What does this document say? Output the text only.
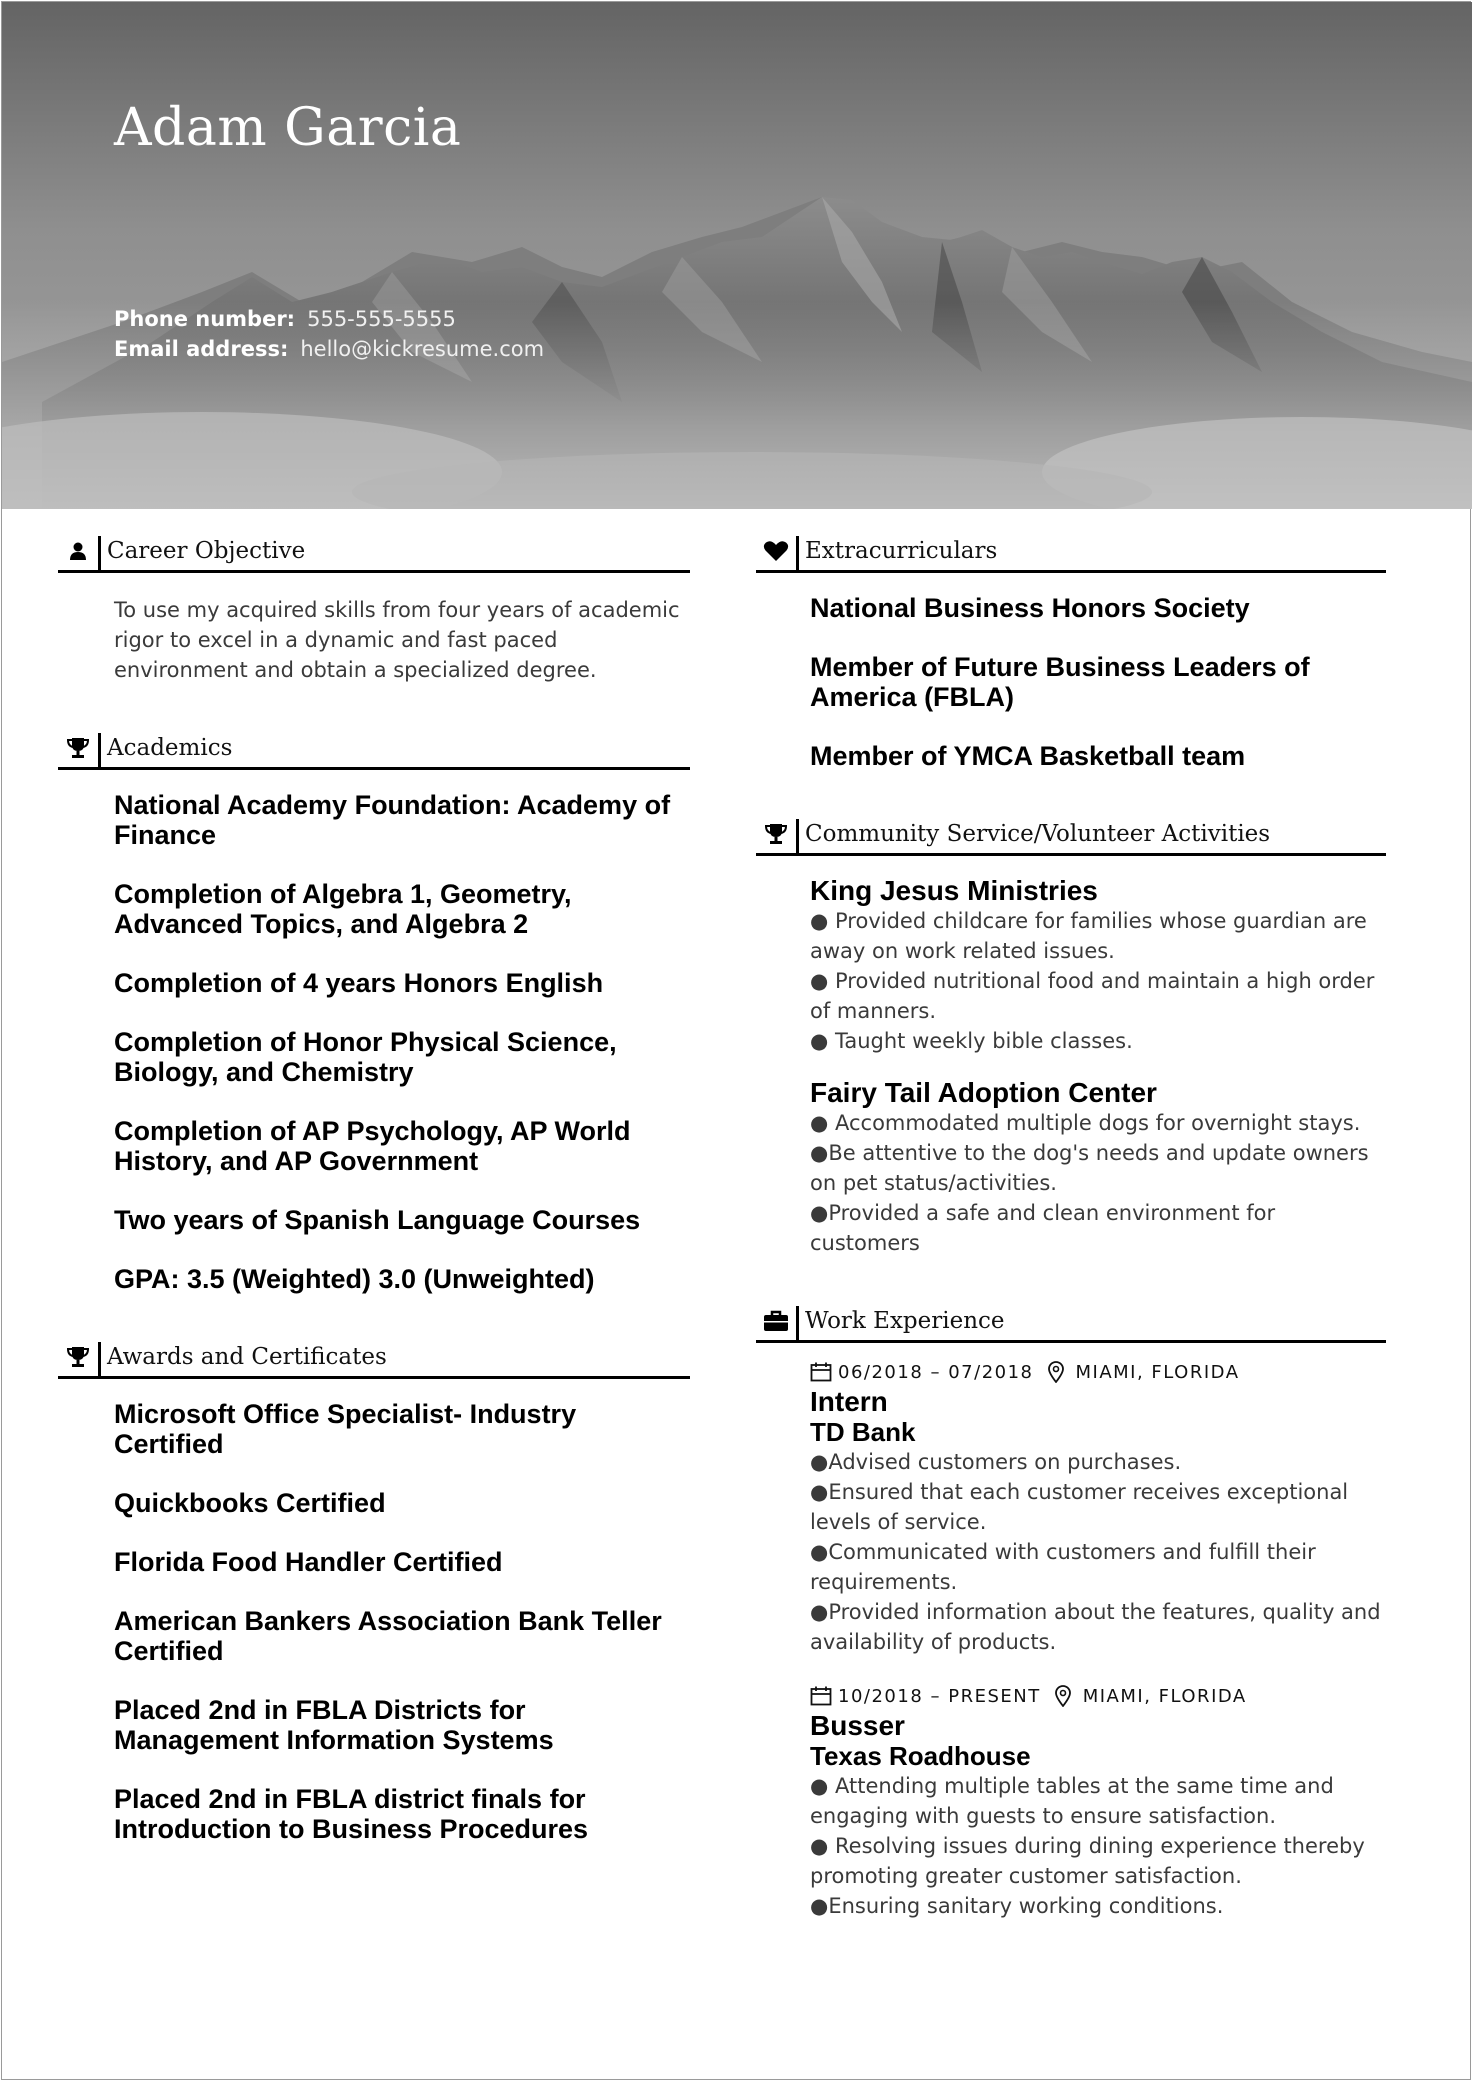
Adam Garcia
Phone number: 555-555-5555
Email address: hello@kickresume.com
Career Objective

To use my acquired skills from four years of academic rigor to excel in a dynamic and fast paced environment and obtain a specialized degree.

Academics

National Academy Foundation: Academy of Finance

Completion of Algebra 1, Geometry, Advanced Topics, and Algebra 2

Completion of 4 years Honors English

Completion of Honor Physical Science, Biology, and Chemistry

Completion of AP Psychology, AP World History, and AP Government

Two years of Spanish Language Courses

GPA: 3.5 (Weighted) 3.0 (Unweighted)

Awards and Certificates

Microsoft Office Specialist- Industry Certified

Quickbooks Certified

Florida Food Handler Certified

American Bankers Association Bank Teller Certified

Placed 2nd in FBLA Districts for Management Information Systems

Placed 2nd in FBLA district finals for Introduction to Business Procedures

Extracurriculars

National Business Honors Society

Member of Future Business Leaders of America (FBLA)

Member of YMCA Basketball team

Community Service/Volunteer Activities

King Jesus Ministries

● Provided childcare for families whose guardian are away on work related issues.

● Provided nutritional food and maintain a high order of manners.

● Taught weekly bible classes.

Fairy Tail Adoption Center

● Accommodated multiple dogs for overnight stays.

●Be attentive to the dog's needs and update owners on pet status/activities.

●Provided a safe and clean environment for customers

Work Experience
06/2018 – 07/2018 MIAMI, FLORIDA

Intern

TD Bank

●Advised customers on purchases.

●Ensured that each customer receives exceptional levels of service.

●Communicated with customers and fulfill their requirements.

●Provided information about the features, quality and availability of products.

10/2018 – PRESENT MIAMI, FLORIDA

Busser

Texas Roadhouse

● Attending multiple tables at the same time and engaging with guests to ensure satisfaction.

● Resolving issues during dining experience thereby promoting greater customer satisfaction.

●Ensuring sanitary working conditions.
